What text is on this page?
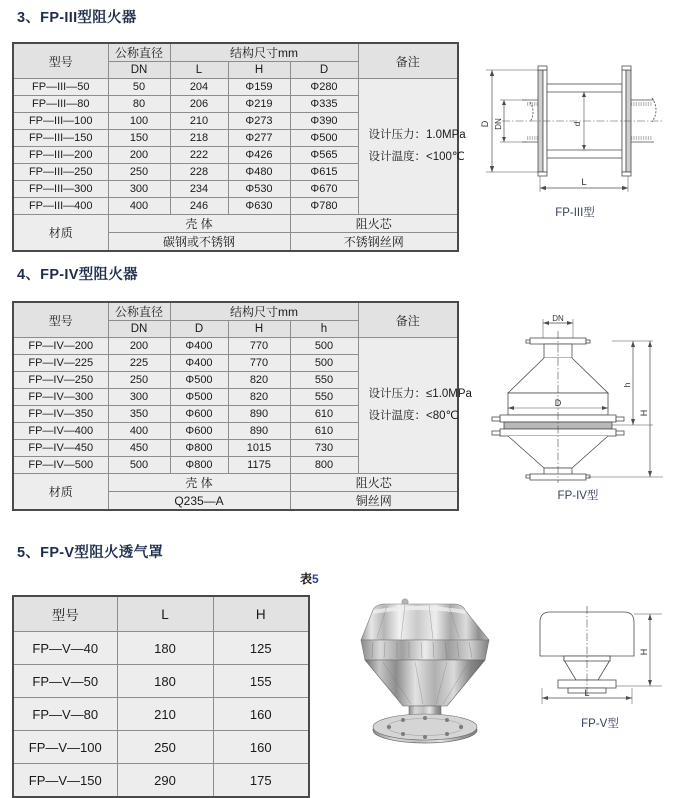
3、FP-III型阻火器
型号	公称直径	结构尺寸mm			备注
	DN	L	H	D	
FP—III—50	50	204	Φ159	Φ280	设计压力：1.0MPa
设计温度：<100℃

FP—III—80	80	206	Φ219	Φ335	
FP—III—100	100	210	Φ273	Φ390	
FP—III—150	150	218	Φ277	Φ500	
FP—III—200	200	222	Φ426	Φ565	
FP—III—250	250	228	Φ480	Φ615	
FP—III—300	300	234	Φ530	Φ670	
FP—III—400	400	246	Φ630	Φ780	
材质	壳 体			阻火芯	
	碳钢或不锈钢			不锈钢丝网	
D DN	d
L
FP-III型
4、FP-IV型阻火器
型号	公称直径	结构尺寸mm			备注
	DN	D	H	h	
FP—IV—200	200	Φ400	770	500	设计压力：≤1.0MPa
设计温度：<80℃

FP—IV—225	225	Φ400	770	500	
FP—IV—250	250	Φ500	820	550	
FP—IV—300	300	Φ500	820	550	
FP—IV—350	350	Φ600	890	610	
FP—IV—400	400	Φ600	890	610	
FP—IV—450	450	Φ800	1015	730	
FP—IV—500	500	Φ800	1175	800	
材质	壳 体			阻火芯	
	Q235—A			铜丝网	
DN
D
h
H
FP-IV型
5、FP-V型阻火透气罩
表5
型号	L	H
FP—V—40	180	125
FP—V—50	180	155
FP—V—80	210	160
FP—V—100	250	160
FP—V—150	290	175
H
L
FP-V型
